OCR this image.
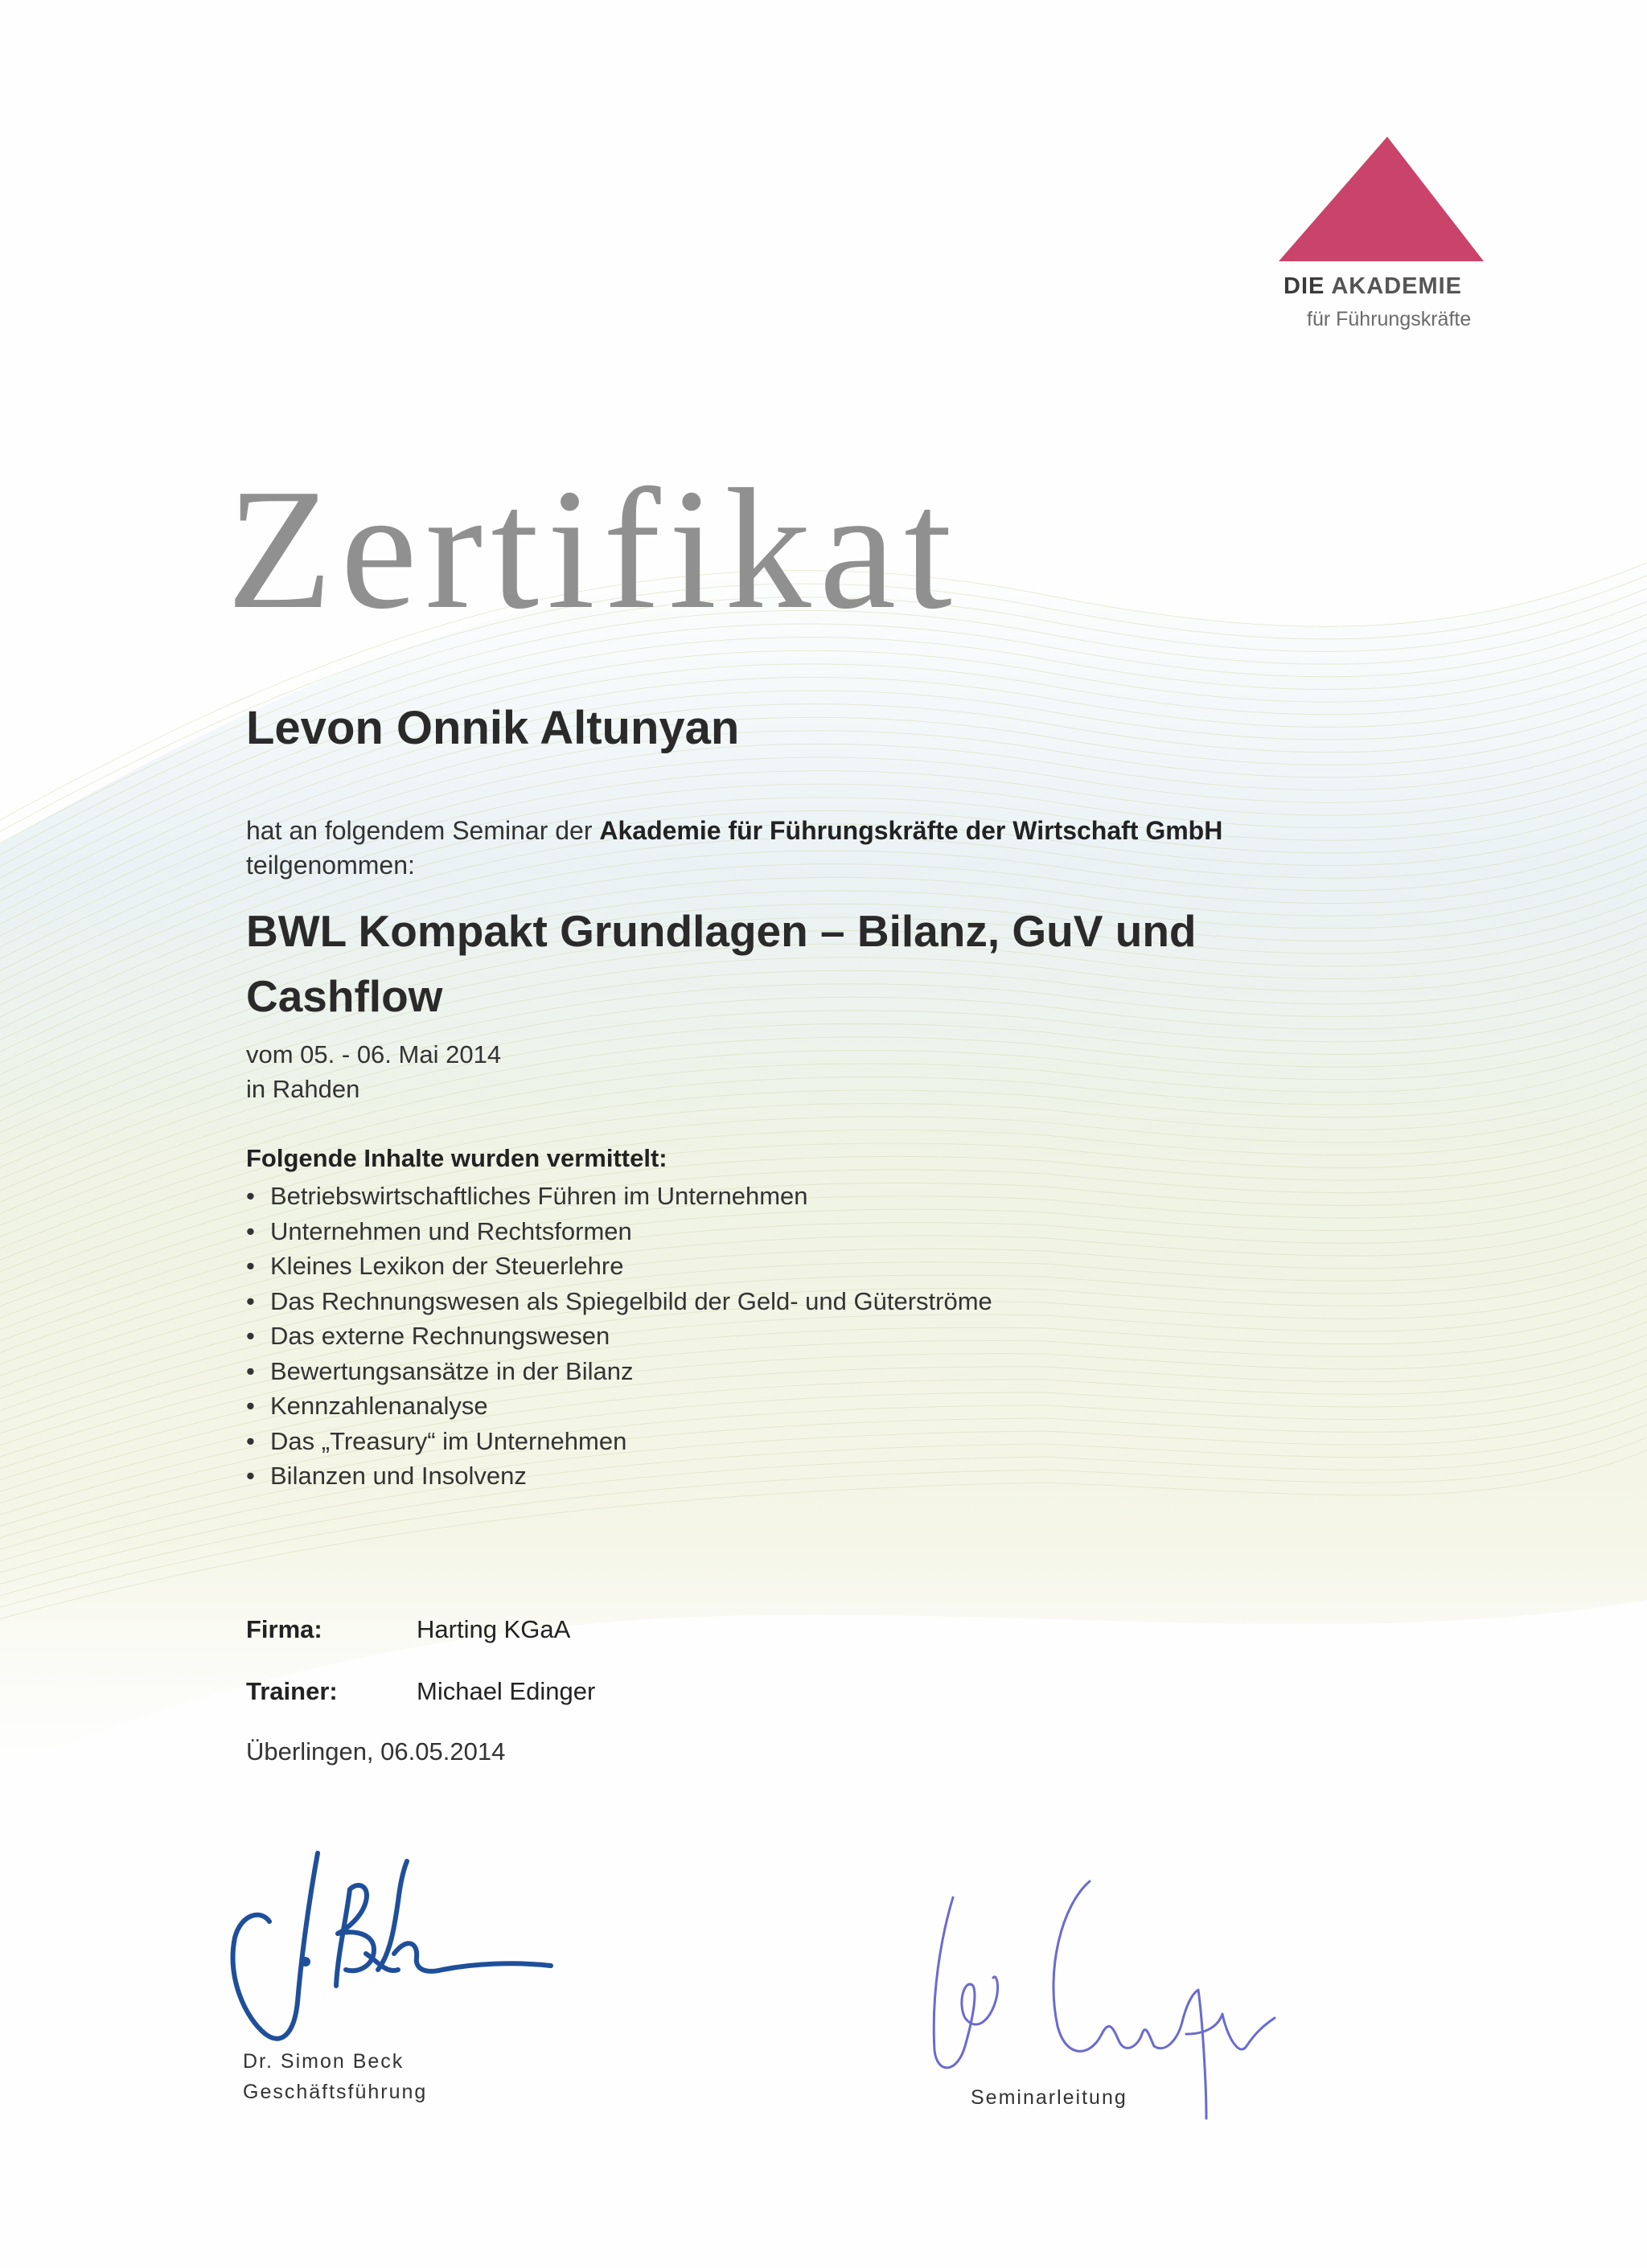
DIE AKADEMIE
für Führungskräfte
Zertifikat
Levon Onnik Altunyan
hat an folgendem Seminar der Akademie für Führungskräfte der Wirtschaft GmbH
teilgenommen:
BWL Kompakt Grundlagen – Bilanz, GuV und
Cashflow
vom 05. - 06. Mai 2014
in Rahden
Folgende Inhalte wurden vermittelt:
• Betriebswirtschaftliches Führen im Unternehmen
• Unternehmen und Rechtsformen
• Kleines Lexikon der Steuerlehre
• Das Rechnungswesen als Spiegelbild der Geld- und Güterströme
• Das externe Rechnungswesen
• Bewertungsansätze in der Bilanz
• Kennzahlenanalyse
• Das „Treasury“ im Unternehmen
• Bilanzen und Insolvenz
Firma:	Harting KGaA
Trainer:	Michael Edinger
Überlingen, 06.05.2014
Dr. Simon Beck
Geschäftsführung	Seminarleitung
